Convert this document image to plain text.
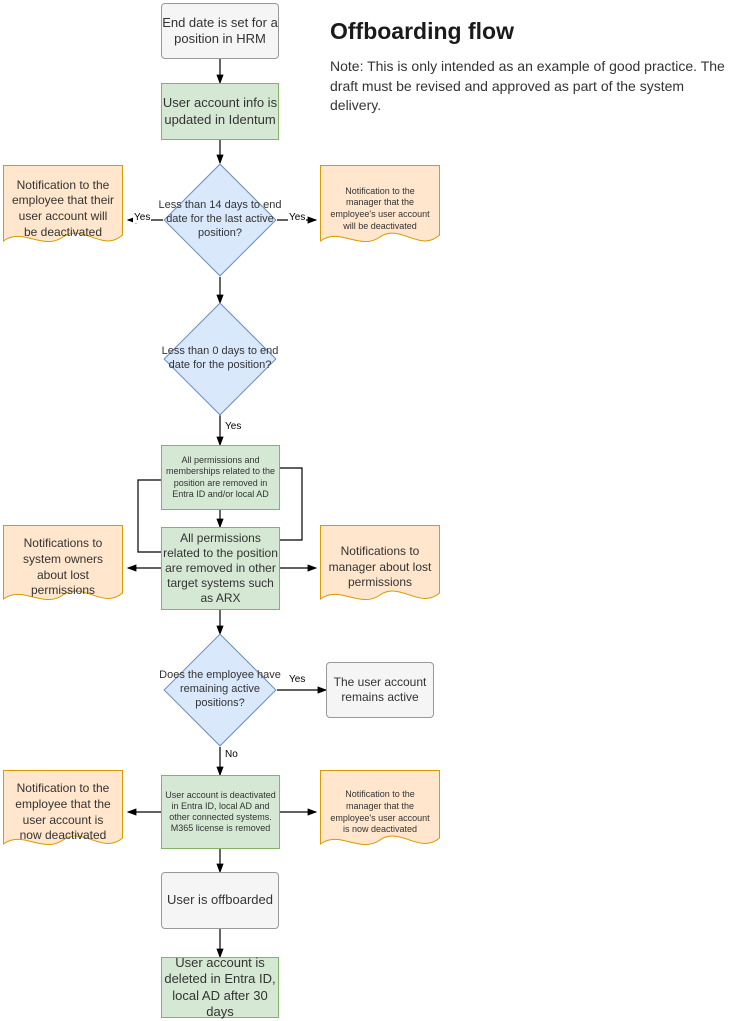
Offboarding flow
Note: This is only intended as an example of good practice. The draft must be revised and approved as part of the system delivery.
End date is set for a position in HRM
User account info is updated in Identum
Less than 14 days to end date for the last active position?
Notification to the employee that their user account will be deactivated
Yes
Notification to the manager that the employee's user account will be deactivated
Yes
Less than 0 days to end date for the position?
Yes
All permissions and memberships related to the position are removed in Entra ID and/or local AD
All permissions related to the position are removed in other target systems such as ARX
Notifications to system owners about lost permissions
Notifications to manager about lost permissions
Does the employee have remaining active positions?
Yes
No
The user account remains active
User account is deactivated in Entra ID, local AD and other connected systems. M365 license is removed
Notification to the employee that the user account is now deactivated
Notification to the manager that the employee's user account is now deactivated
User is offboarded
User account is deleted in Entra ID, local AD after 30 days
